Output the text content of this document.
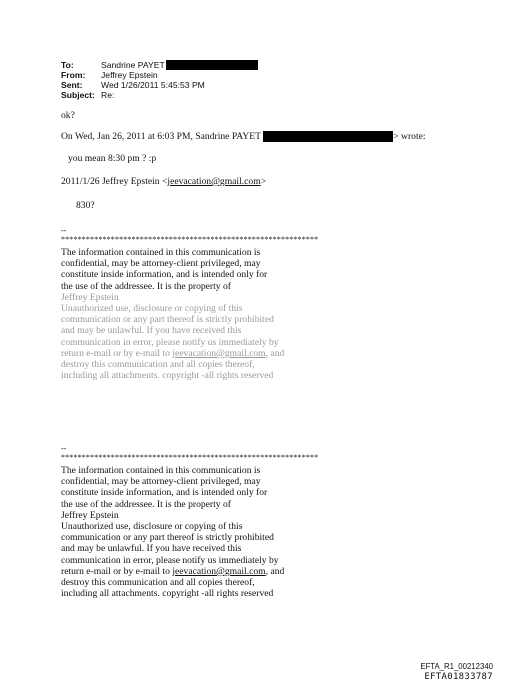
To:	Sandrine PAYET
From:	Jeffrey Epstein
Sent:	Wed 1/26/2011 5:45:53 PM
Subject: Re:
ok?
On Wed, Jan 26, 2011 at 6:03 PM, Sandrine PAYET	> wrote:
you mean 8:30 pm ? :p
2011/1/26 Jeffrey Epstein <jeevacation@gmail.com>
830?
--
**************************************************************
The information contained in this communication is
confidential, may be attorney-client privileged, may
constitute inside information, and is intended only for
the use of the addressee. It is the property of
Jeffrey Epstein
Unauthorized use, disclosure or copying of this
communication or any part thereof is strictly prohibited
and may be unlawful. If you have received this
communication in error, please notify us immediately by
return e-mail or by e-mail to jeevacation@gmail.com, and
destroy this communication and all copies thereof,
including all attachments. copyright -all rights reserved
--
**************************************************************
The information contained in this communication is
confidential, may be attorney-client privileged, may
constitute inside information, and is intended only for
the use of the addressee. It is the property of
Jeffrey Epstein
Unauthorized use, disclosure or copying of this
communication or any part thereof is strictly prohibited
and may be unlawful. If you have received this
communication in error, please notify us immediately by
return e-mail or by e-mail to jeevacation@gmail.com, and
destroy this communication and all copies thereof,
including all attachments. copyright -all rights reserved
EFTA_R1_00212340
EFTA01833787
